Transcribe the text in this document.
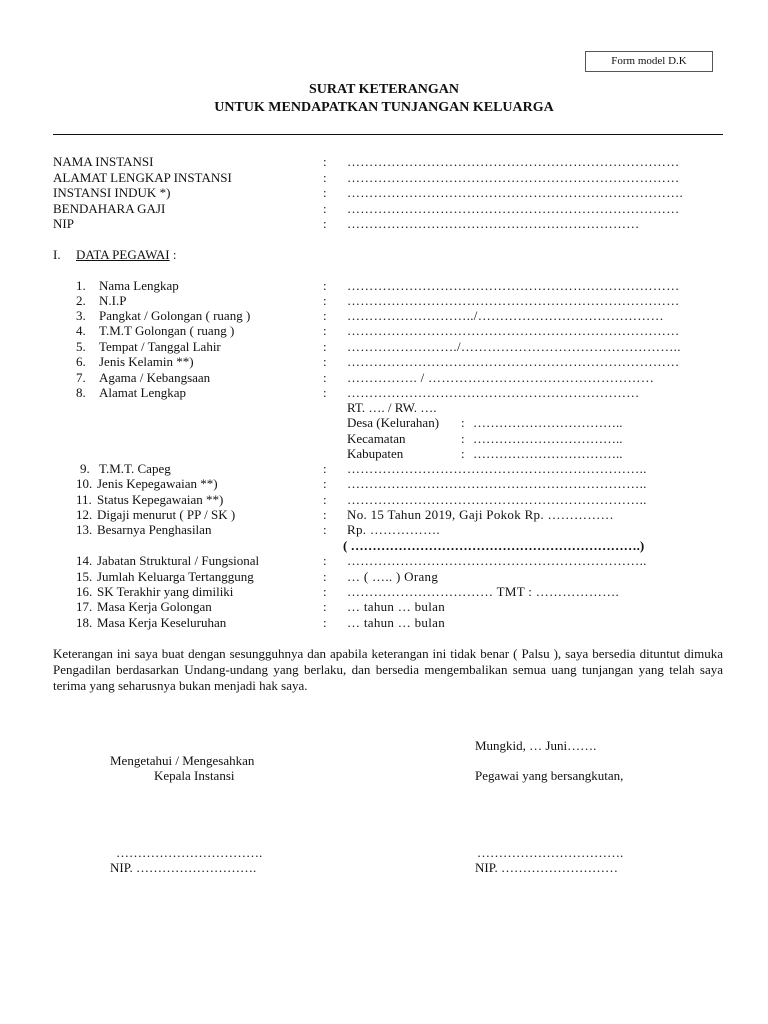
Form model D.K
SURAT KETERANGAN
UNTUK MENDAPATKAN TUNJANGAN KELUARGA
NAMA INSTANSI	: …………………………………………………………………
ALAMAT LENGKAP INSTANSI	: …………………………………………………………………
INSTANSI INDUK *)	: ………………………………………………………………….
BENDAHARA GAJI	: …………………………………………………………………
NIP	: …………………………………………………………
I. DATA PEGAWAI :
1. Nama Lengkap	: …………………………………………………………………
2. N.I.P	: …………………………………………………………………
3. Pangkat / Golongan ( ruang )	: ………………………../……………………………………
4. T.M.T Golongan ( ruang )	: …………………………………………………………………
5. Tempat / Tanggal Lahir	: ……………………./…………………………………………..
6. Jenis Kelamin **)	: …………………………………………………………………
7. Agama / Kebangsaan	: ……………. / ……………………………………………
8. Alamat Lengkap	: …………………………………………………………
RT. …. / RW. ….
Desa (Kelurahan) : ……………………………..
Kecamatan	: ……………………………..
Kabupaten	: ……………………………..
9. T.M.T. Capeg	: …………………………………………………………..
10. Jenis Kepegawaian **)	: …………………………………………………………..
11. Status Kepegawaian **)	: …………………………………………………………..
12. Digaji menurut ( PP / SK )	: No. 15 Tahun 2019, Gaji Pokok Rp. ……………
13. Besarnya Penghasilan	: Rp. …………….
( ………………………………………………………….)
14. Jabatan Struktural / Fungsional	: …………………………………………………………..
15. Jumlah Keluarga Tertanggung	: … ( ….. ) Orang
16. SK Terakhir yang dimiliki	: …………………………… TMT : ……………….
17. Masa Kerja Golongan	: … tahun … bulan
18. Masa Kerja Keseluruhan	: … tahun … bulan
Keterangan ini saya buat dengan sesungguhnya dan apabila keterangan ini tidak benar ( Palsu ), saya bersedia dituntut dimuka Pengadilan berdasarkan Undang-undang yang berlaku, dan bersedia mengembalikan semua uang tunjangan yang telah saya terima yang seharusnya bukan menjadi hak saya.
Mungkid, … Juni…….
Mengetahui / Mengesahkan
Kepala Instansi	Pegawai yang bersangkutan,
…………………………….
NIP. ……………………….
…………………………….
NIP. ………………………
